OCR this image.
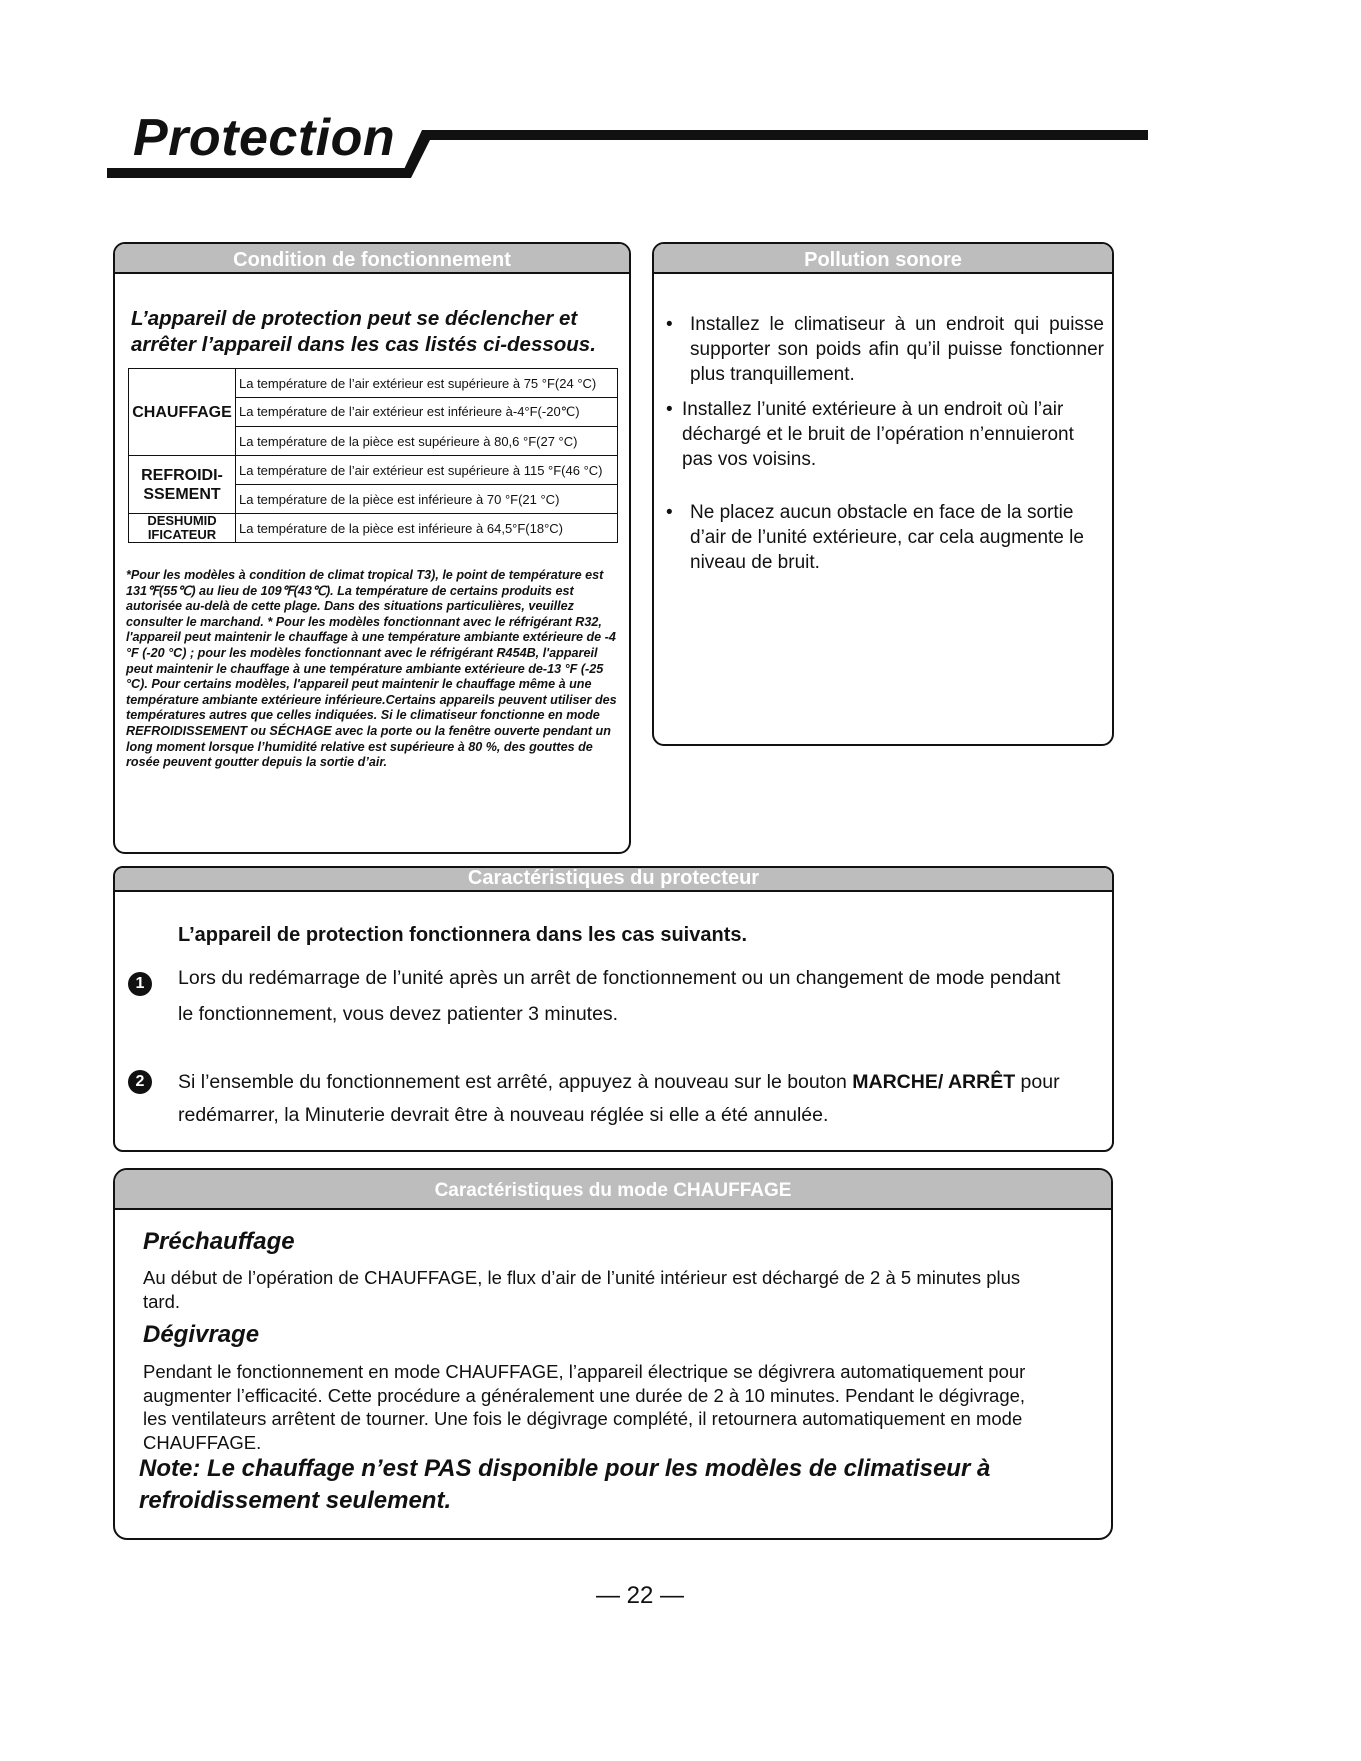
Protection
Condition de fonctionnement
L’appareil de protection peut se déclencher et arrêter l’appareil dans les cas listés ci-dessous.
CHAUFFAGE	La température de l’air extérieur est supérieure à 75 °F(24 °C)
	La température de l’air extérieur est inférieure à-4°F(-20℃)
	La température de la pièce est supérieure à 80,6 °F(27 °C)
REFROIDI-SSEMENT	La température de l’air extérieur est supérieure à 115 °F(46 °C)
	La température de la pièce est inférieure à 70 °F(21 °C)
DESHUMID IFICATEUR	La température de la pièce est inférieure à 64,5°F(18°C)
*Pour les modèles à condition de climat tropical T3), le point de température est 131℉(55℃) au lieu de 109℉(43℃). La température de certains produits est autorisée au-delà de cette plage. Dans des situations particulières, veuillez consulter le marchand. * Pour les modèles fonctionnant avec le réfrigérant R32, l'appareil peut maintenir le chauffage à une température ambiante extérieure de -4 °F (-20 °C) ; pour les modèles fonctionnant avec le réfrigérant R454B, l'appareil peut maintenir le chauffage à une température ambiante extérieure de-13 °F (-25 °C). Pour certains modèles, l'appareil peut maintenir le chauffage même à une température ambiante extérieure inférieure.Certains appareils peuvent utiliser des températures autres que celles indiquées. Si le climatiseur fonctionne en mode REFROIDISSEMENT ou SÉCHAGE avec la porte ou la fenêtre ouverte pendant un long moment lorsque l’humidité relative est supérieure à 80 %, des gouttes de rosée peuvent goutter depuis la sortie d’air.
Pollution sonore
• Installez le climatiseur à un endroit qui puisse supporter son poids afin qu’il puisse fonctionner plus tranquillement.
• Installez l’unité extérieure à un endroit où l’air déchargé et le bruit de l’opération n’ennuieront pas vos voisins.
• Ne placez aucun obstacle en face de la sortie d’air de l’unité extérieure, car cela augmente le niveau de bruit.
Caractéristiques du protecteur
L’appareil de protection fonctionnera dans les cas suivants.
1	Lors du redémarrage de l’unité après un arrêt de fonctionnement ou un changement de mode pendant le fonctionnement, vous devez patienter 3 minutes.
2	Si l’ensemble du fonctionnement est arrêté, appuyez à nouveau sur le bouton MARCHE/ ARRÊT pour redémarrer, la Minuterie devrait être à nouveau réglée si elle a été annulée.
Caractéristiques du mode CHAUFFAGE
Préchauffage
Au début de l’opération de CHAUFFAGE, le flux d’air de l’unité intérieur est déchargé de 2 à 5 minutes plus tard.
Dégivrage
Pendant le fonctionnement en mode CHAUFFAGE, l’appareil électrique se dégivrera automatiquement pour augmenter l’efficacité. Cette procédure a généralement une durée de 2 à 10 minutes. Pendant le dégivrage, les ventilateurs arrêtent de tourner. Une fois le dégivrage complété, il retournera automatiquement en mode CHAUFFAGE.
Note: Le chauffage n’est PAS disponible pour les modèles de climatiseur à refroidissement seulement.
— 22 —
